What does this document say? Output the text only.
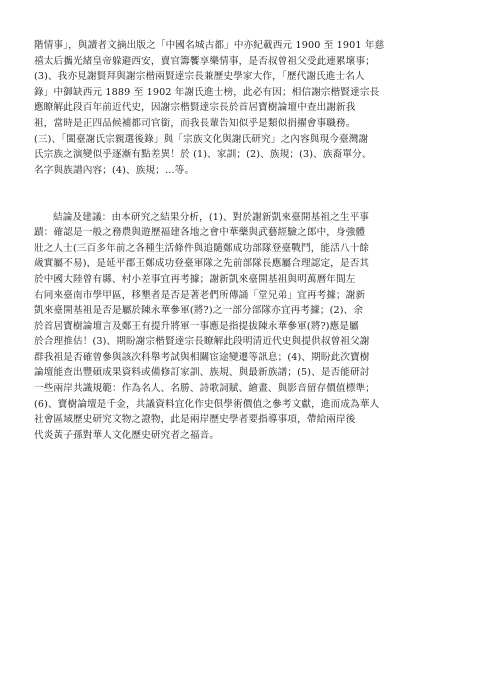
階情事」，與讀者文摘出版之「中國名城古都」中亦紀載西元 1900 至 1901 年慈
禧太后攜光緒皇帝躲避西安，賣官籌饗享樂情事，是否叔曾祖父受此連累壞事；
(3)、我亦見謝賢拜與謝宗楷兩賢達宗長兼歷史學家大作，「歷代謝氏進士名人
錄」中御缺西元 1889 至 1902 年謝氏進士榜，此必有因；相信謝宗楷賢達宗長
應瞭解此段百年前近代史，因謝宗楷賢達宗長於首居寶樹論壇中查出謝新我
祖，當時是正四品候補都司官銜，而我長輩告知似乎是類似捐擢會事職務。
(三)、「閩臺謝氏宗親選後錄」與「宗族文化與謝氏研究」之內容與現今臺灣謝
氏宗族之演變似乎逐漸有點差異！於 (1)、家訓；(2)、族規；(3)、族裔單分、
名字與族譜內容；(4)、族規；…等。
結論及建議：由本研究之結果分析，(1)、對於謝新凱來臺開基祖之生平事
蹟：確認是一般之務農與遊歷福建各地之會中華藥與武藝經驗之郎中，身強體
壯之人士(三百多年前之各種生活條件與追隨鄭成功部隊登臺戰鬥，能活八十餘
歲實屬不易)，是延平郡王鄭成功登臺軍隊之先前部隊長應屬合理認定，是否其
於中國大陸曾有縣、村小差事宜再考據；謝新凱來臺開基祖與明萬曆年間左
右同來臺南市學甲區，移墾者是否是著老們所傳誦「堂兄弟」宜再考據；謝新
凱來臺開基祖是否是屬於陳永華參軍(將?)之一部分部隊亦宜再考據；(2)、余
於首居寶樹論壇言及鄭王有提升將軍一事應是指提拔陳永華參軍(將?)應是屬
於合理推估！(3)、期盼謝宗楷賢達宗長瞭解此段明清近代史與提供叔曾祖父謝
群我祖是否確曾參與該次科舉考試與相關宦途變遷等訊息；(4)、期盼此次寶樹
論壇能查出豐碩成果資料或備修訂家訓、族規、與最新族譜；(5)、是否能研討
一些兩岸共識規範：作為名人、名勝、詩歌詞賦、繪畫、與影音留存價值標準；
(6)、寶樹論壇是千金，共議資料宜化作史俱學術價值之參考文獻，進而成為華人
社會區域歷史研究文物之證物，此是兩岸歷史學者要指導事項，帶給兩岸後
代炎黃子孫對華人文化歷史研究者之福音。
